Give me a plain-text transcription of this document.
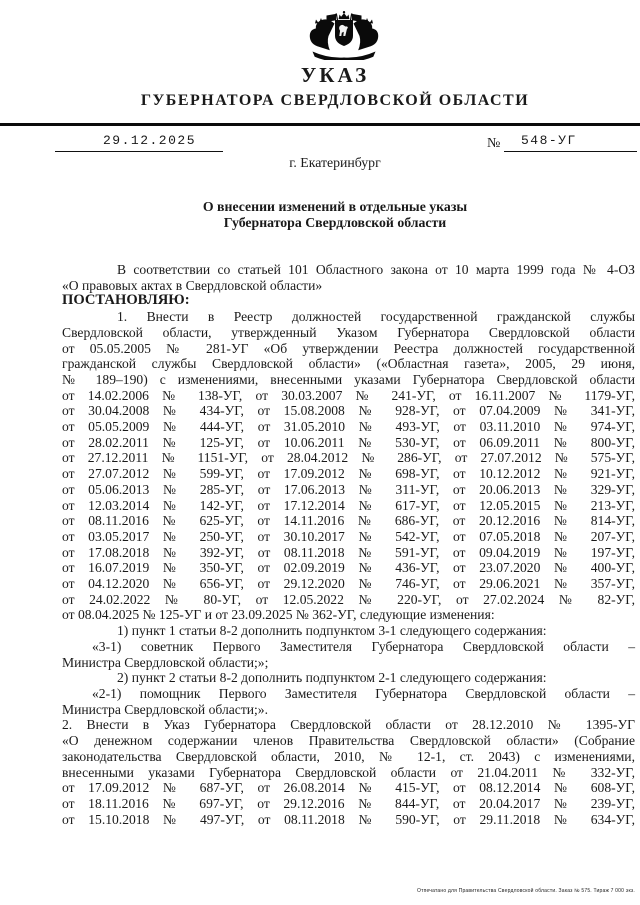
УКАЗ
ГУБЕРНАТОРА СВЕРДЛОВСКОЙ ОБЛАСТИ
29.12.2025	№ 548-УГ
г. Екатеринбург
О внесении изменений в отдельные указы
Губернатора Свердловской области
В соответствии со статьей 101 Областного закона от 10 марта 1999 года № 4-ОЗ
«О правовых актах в Свердловской области»
ПОСТАНОВЛЯЮ:
1. Внести в Реестр должностей государственной гражданской службы
Свердловской области, утвержденный Указом Губернатора Свердловской области
от 05.05.2005 № 281-УГ «Об утверждении Реестра должностей государственной
гражданской службы Свердловской области» («Областная газета», 2005, 29 июня,
№ 189–190) с изменениями, внесенными указами Губернатора Свердловской области
от 14.02.2006 № 138-УГ, от 30.03.2007 № 241-УГ, от 16.11.2007 № 1179-УГ,
от 30.04.2008 № 434-УГ, от 15.08.2008 № 928-УГ, от 07.04.2009 № 341-УГ,
от 05.05.2009 № 444-УГ, от 31.05.2010 № 493-УГ, от 03.11.2010 № 974-УГ,
от 28.02.2011 № 125-УГ, от 10.06.2011 № 530-УГ, от 06.09.2011 № 800-УГ,
от 27.12.2011 № 1151-УГ, от 28.04.2012 № 286-УГ, от 27.07.2012 № 575-УГ,
от 27.07.2012 № 599-УГ, от 17.09.2012 № 698-УГ, от 10.12.2012 № 921-УГ,
от 05.06.2013 № 285-УГ, от 17.06.2013 № 311-УГ, от 20.06.2013 № 329-УГ,
от 12.03.2014 № 142-УГ, от 17.12.2014 № 617-УГ, от 12.05.2015 № 213-УГ,
от 08.11.2016 № 625-УГ, от 14.11.2016 № 686-УГ, от 20.12.2016 № 814-УГ,
от 03.05.2017 № 250-УГ, от 30.10.2017 № 542-УГ, от 07.05.2018 № 207-УГ,
от 17.08.2018 № 392-УГ, от 08.11.2018 № 591-УГ, от 09.04.2019 № 197-УГ,
от 16.07.2019 № 350-УГ, от 02.09.2019 № 436-УГ, от 23.07.2020 № 400-УГ,
от 04.12.2020 № 656-УГ, от 29.12.2020 № 746-УГ, от 29.06.2021 № 357-УГ,
от 24.02.2022 № 80-УГ, от 12.05.2022 № 220-УГ, от 27.02.2024 № 82-УГ,
от 08.04.2025 № 125-УГ и от 23.09.2025 № 362-УГ, следующие изменения:
1) пункт 1 статьи 8-2 дополнить подпунктом 3-1 следующего содержания:
«3-1) советник Первого Заместителя Губернатора Свердловской области –
Министра Свердловской области;»;
2) пункт 2 статьи 8-2 дополнить подпунктом 2-1 следующего содержания:
«2-1) помощник Первого Заместителя Губернатора Свердловской области –
Министра Свердловской области;».
2. Внести в Указ Губернатора Свердловской области от 28.12.2010 № 1395-УГ
«О денежном содержании членов Правительства Свердловской области» (Собрание
законодательства Свердловской области, 2010, № 12-1, ст. 2043) с изменениями,
внесенными указами Губернатора Свердловской области от 21.04.2011 № 332-УГ,
от 17.09.2012 № 687-УГ, от 26.08.2014 № 415-УГ, от 08.12.2014 № 608-УГ,
от 18.11.2016 № 697-УГ, от 29.12.2016 № 844-УГ, от 20.04.2017 № 239-УГ,
от 15.10.2018 № 497-УГ, от 08.11.2018 № 590-УГ, от 29.11.2018 № 634-УГ,
Отпечатано для Правительства Свердловской области. Заказ № 575. Тираж 7 000 экз.
